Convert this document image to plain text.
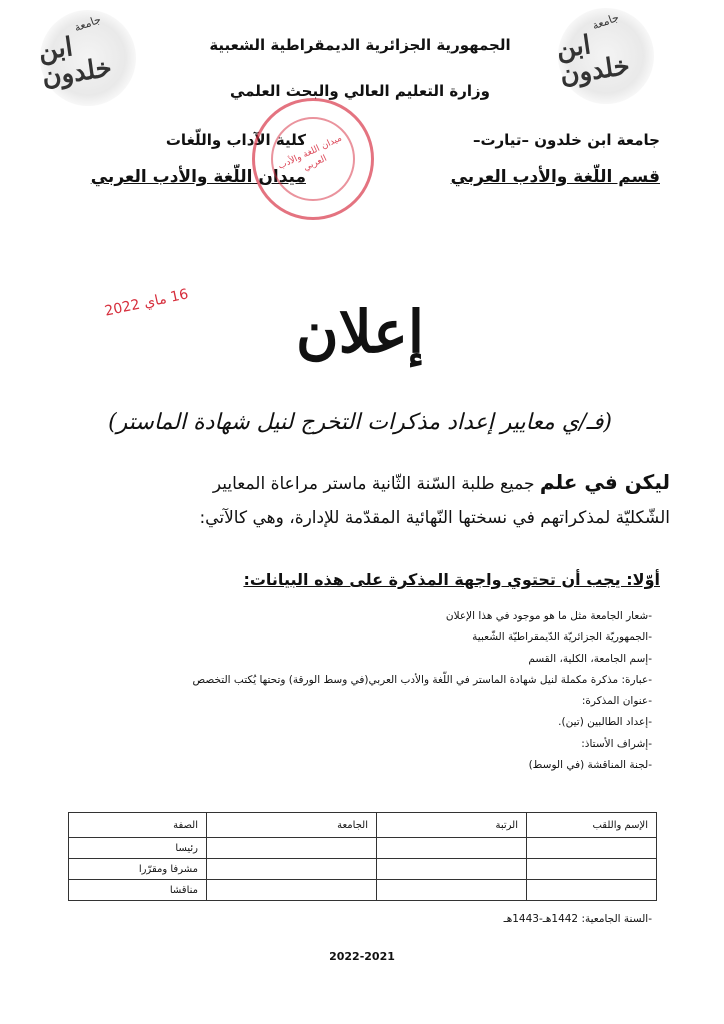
جامعة
ابن خلدون
جامعة
ابن خلدون
الجمهورية الجزائرية الديمقراطية الشعبية
وزارة التعليم العالي والبحث العلمي
جامعة ابن خلدون –تيارت–
كلية الآداب واللّغات
قسم اللّغة والأدب العربي
ميدان اللّغة والأدب العربي
ميدان اللغة والأدب العربي
16 ماي 2022
إعلان
(فـ/ي معايير إعداد مذكرات التخرج لنيل شهادة الماستر)
ليكن في علم جميع طلبة السّنة الثّانية ماستر مراعاة المعايير
الشّكليّة لمذكراتهم في نسختها النّهائية المقدّمة للإدارة، وهي كالآتي:
أوّلا: يجب أن تحتوي واجهة المذكرة على هذه البيانات:
-شعار الجامعة مثل ما هو موجود في هذا الإعلان
-الجمهوريّة الجزائريّة الدّيمقراطيّة الشّعبية
-إسم الجامعة، الكلية، القسم
-عبارة: مذكرة مكملة لنيل شهادة الماستر في اللّغة والأدب العربي(في وسط الورقة) وتحتها يُكتب التخصص
-عنوان المذكرة:
-إعداد الطالبين (تين).
-إشراف الأستاذ:
-لجنة المناقشة (في الوسط)
الإسم واللقب	الرتبة	الجامعة	الصفة
			رئيسا
			مشرفا ومقرّرا
			مناقشا
-السنة الجامعية: 1442هـ-1443هـ
2022-2021
